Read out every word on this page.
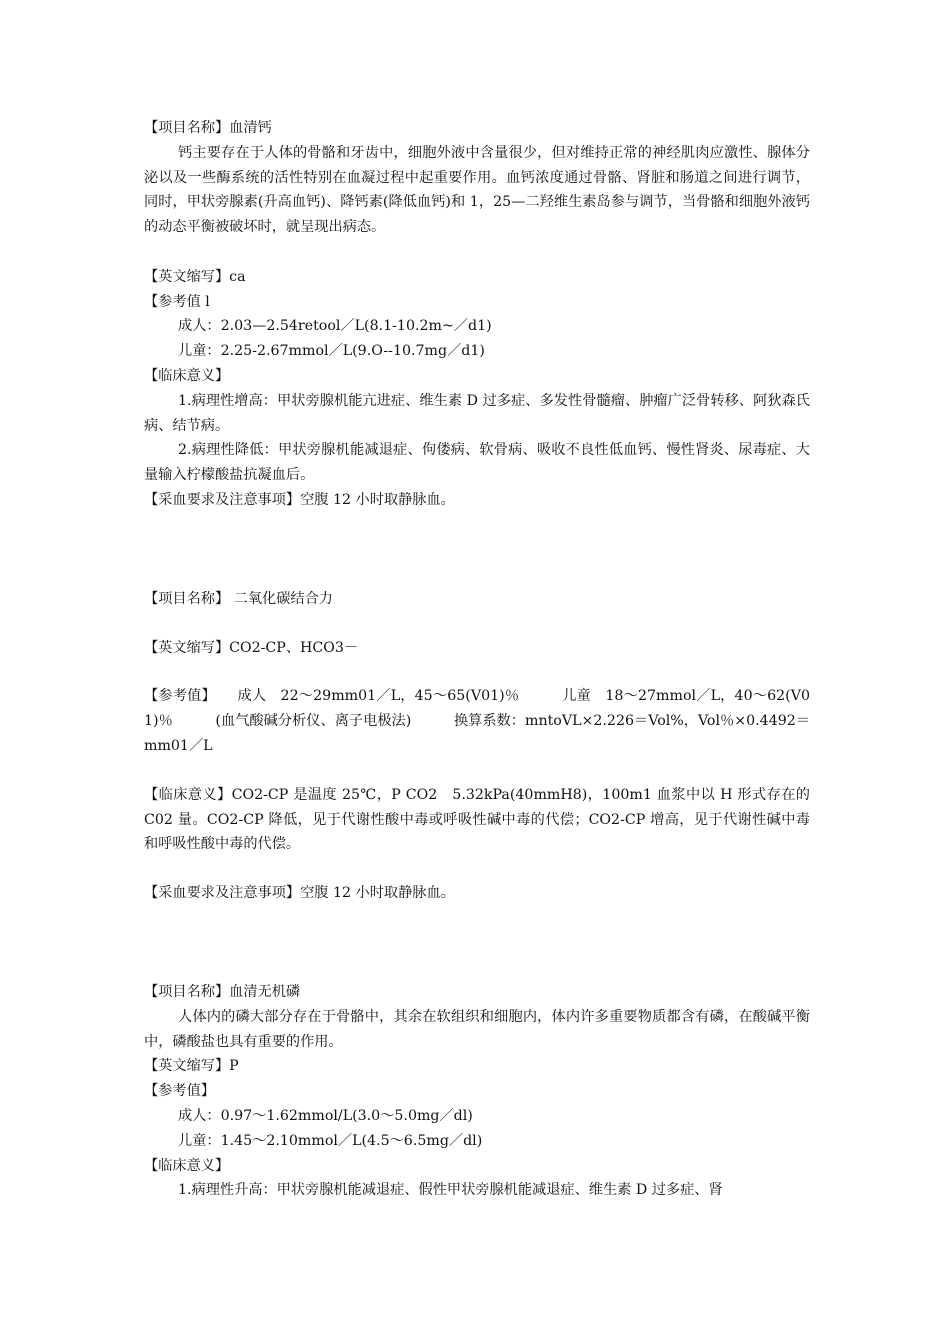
【项目名称】血清钙

钙主要存在于人体的骨骼和牙齿中，细胞外液中含量很少，但对维持正常的神经肌肉应激性、腺体分泌以及一些酶系统的活性特别在血凝过程中起重要作用。血钙浓度通过骨骼、肾脏和肠道之间进行调节，同时，甲状旁腺素(升高血钙)、降钙素(降低血钙)和 1，25—二羟维生素岛参与调节，当骨骼和细胞外液钙的动态平衡被破坏时，就呈现出病态。

【英文缩写】ca

【参考值 l

成人：2.03—2.54retool／L(8.1-10.2m~／d1)

儿童：2.25-2.67mmol／L(9.O--10.7mg／d1)

【临床意义】

1.病理性增高：甲状旁腺机能亢进症、维生素 D 过多症、多发性骨髓瘤、肿瘤广泛骨转移、阿狄森氏病、结节病。

2.病理性降低：甲状旁腺机能减退症、佝偻病、软骨病、吸收不良性低血钙、慢性肾炎、尿毒症、大量输入柠檬酸盐抗凝血后。

【采血要求及注意事项】空腹 12 小时取静脉血。

【项目名称】 二氧化碳结合力

【英文缩写】CO2-CP、HCO3－

【参考值】　　成人　22～29mm01／L，45～65(V01)％　　　儿童　18～27mmol／L，40～62(V01)％　　　(血气酸碱分析仪、离子电极法)　　　换算系数：mntoVL×2.226＝Vol%，Vol％×0.4492＝mm01／L

【临床意义】CO2-CP 是温度 25℃，P CO2　5.32kPa(40mmH8)，100m1 血浆中以 H 形式存在的 C02 量。CO2-CP 降低，见于代谢性酸中毒或呼吸性碱中毒的代偿；CO2-CP 增高，见于代谢性碱中毒和呼吸性酸中毒的代偿。

【采血要求及注意事项】空腹 12 小时取静脉血。

【项目名称】血清无机磷

人体内的磷大部分存在于骨骼中，其余在软组织和细胞内，体内许多重要物质都含有磷，在酸碱平衡中，磷酸盐也具有重要的作用。

【英文缩写】P

【参考值】

成人：0.97～1.62mmol/L(3.0～5.0mg／dl)

儿童：1.45～2.10mmol／L(4.5～6.5mg／dl)

【临床意义】

1.病理性升高：甲状旁腺机能减退症、假性甲状旁腺机能减退症、维生素 D 过多症、肾
